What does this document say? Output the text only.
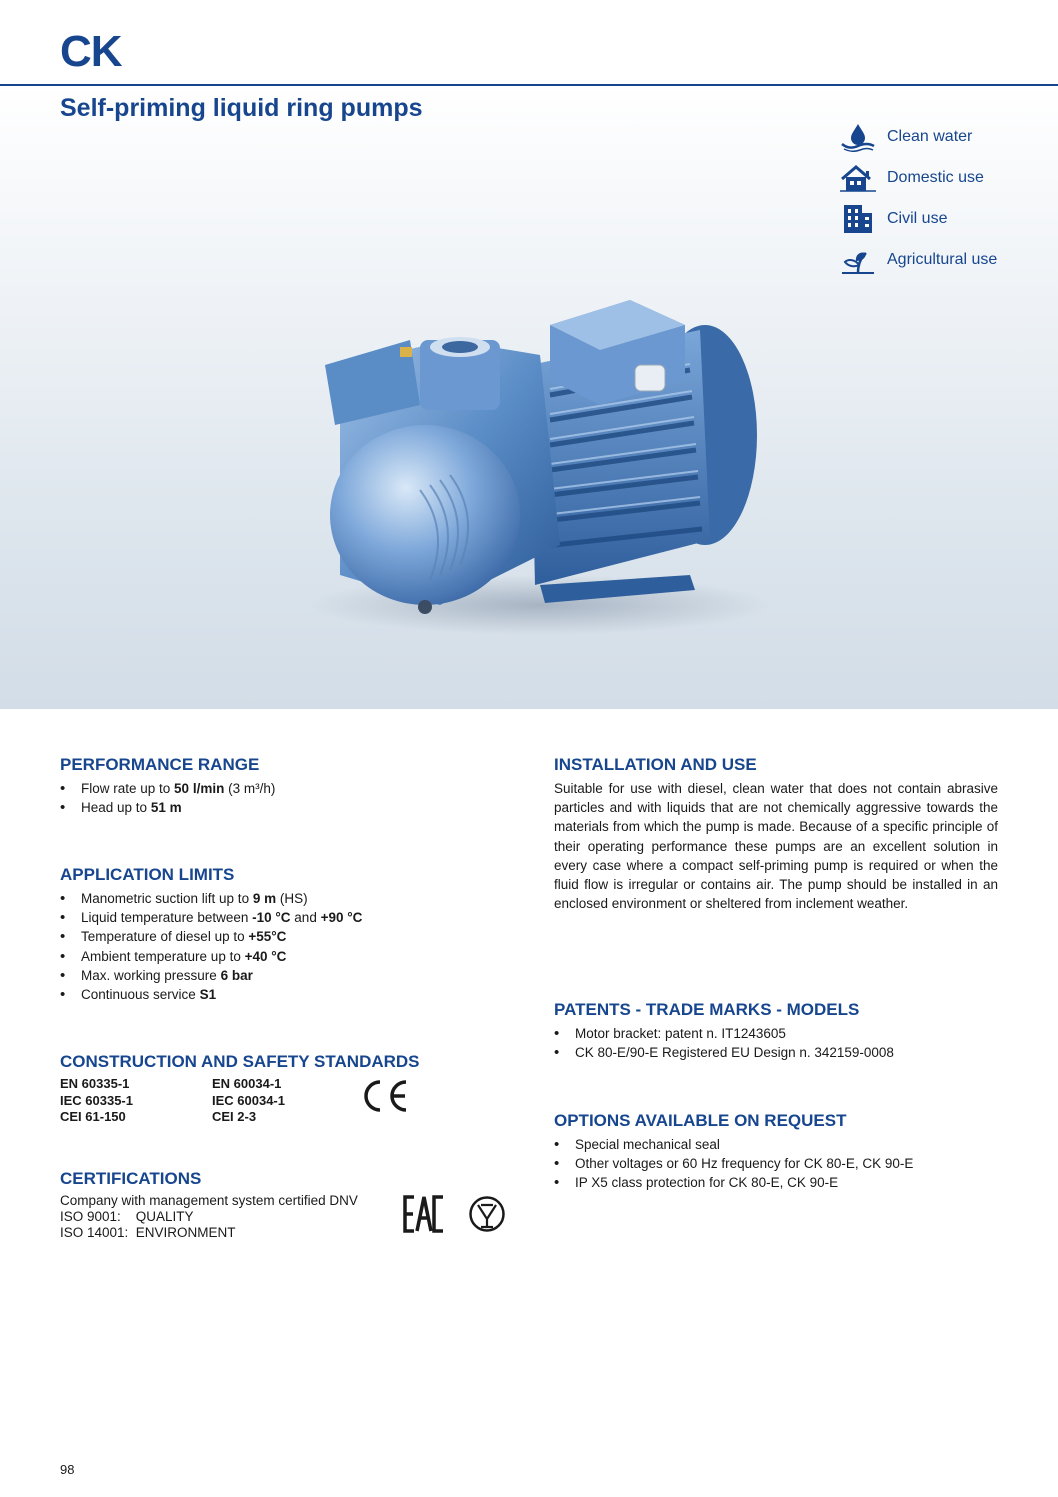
CK
Self-priming liquid ring pumps
Clean water
Domestic use
Civil use
Agricultural use
PERFORMANCE RANGE
• Flow rate up to 50 l/min (3 m³/h)
• Head up to 51 m
APPLICATION LIMITS
• Manometric suction lift up to 9 m (HS)
• Liquid temperature between -10 °C and +90 °C
• Temperature of diesel up to +55°C
• Ambient temperature up to +40 °C
• Max. working pressure 6 bar
• Continuous service S1
CONSTRUCTION AND SAFETY STANDARDS
EN 60335-1	EN 60034-1
IEC 60335-1	IEC 60034-1
CEI 61-150	CEI 2-3
CERTIFICATIONS
Company with management system certified DNV
ISO 9001:    QUALITY
ISO 14001:  ENVIRONMENT
INSTALLATION AND USE
Suitable for use with diesel, clean water that does not contain abrasive particles and with liquids that are not chemically aggressive towards the materials from which the pump is made. Because of a specific principle of their operating performance these pumps are an excellent solution in every case where a compact self-priming pump is required or when the fluid flow is irregular or contains air. The pump should be installed in an enclosed environment or sheltered from inclement weather.
PATENTS - TRADE MARKS - MODELS
• Motor bracket: patent n. IT1243605
• CK 80-E/90-E Registered EU Design n. 342159-0008
OPTIONS AVAILABLE ON REQUEST
• Special mechanical seal
• Other voltages or 60 Hz frequency for CK 80-E, CK 90-E
• IP X5 class protection for CK 80-E, CK 90-E
98
